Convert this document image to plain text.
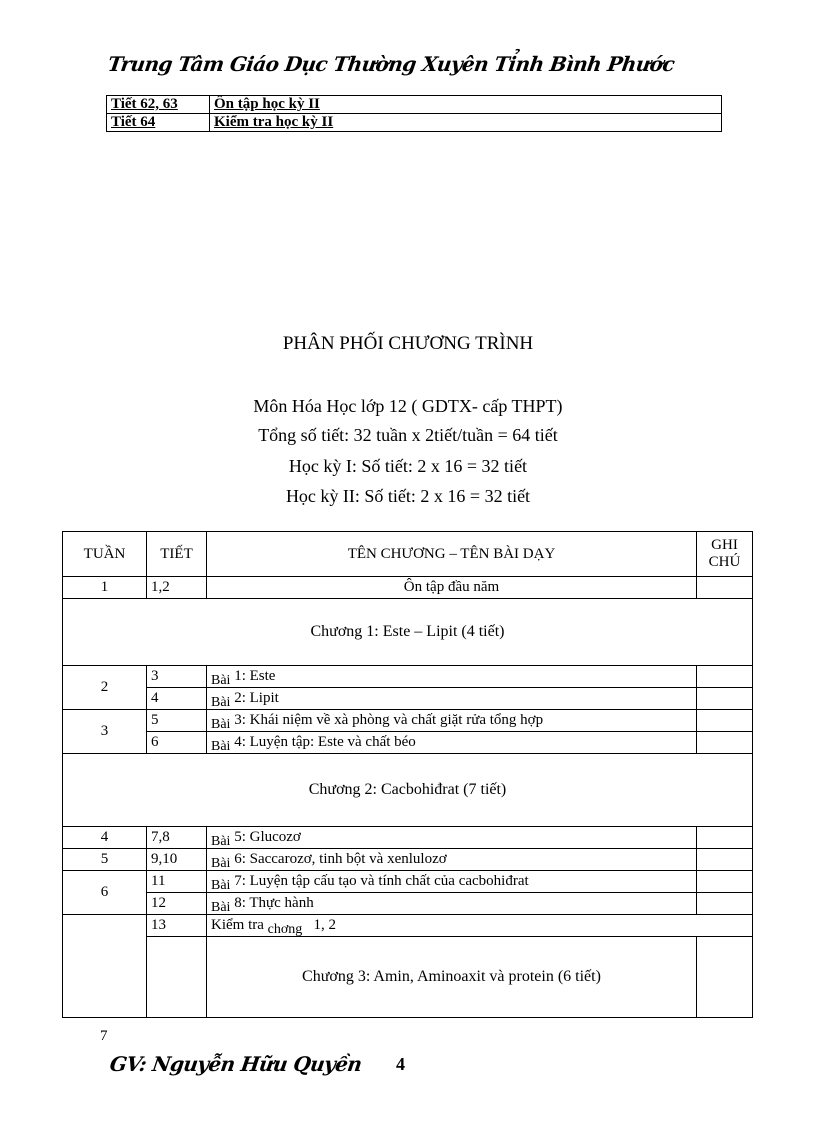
Trung Tâm Giáo Dục Thường Xuyên Tỉnh Bình Phước
Tiết 62, 63	Ôn tập học kỳ II
Tiết 64	Kiểm tra học kỳ II
PHÂN PHỐI CHƯƠNG TRÌNH
Môn Hóa Học lớp 12 ( GDTX- cấp THPT)
Tổng số tiết: 32 tuần x 2tiết/tuần = 64 tiết
Học kỳ I: Số tiết: 2 x 16 = 32 tiết
Học kỳ II: Số tiết: 2 x 16 = 32 tiết
TUẦN	TIẾT	TÊN CHƯƠNG – TÊN BÀI DẠY	GHI CHÚ
1	1,2	Ôn tập đầu năm	
Chương 1: Este – Lipit (4 tiết)			
2	3	Bài 1: Este	
	4	Bài 2: Lipit	
3	5	Bài 3: Khái niệm về xà phòng và chất giặt rửa tổng hợp	
	6	Bài 4: Luyện tập: Este và chất béo	
Chương 2: Cacbohiđrat (7 tiết)			
4	7,8	Bài 5: Glucozơ	
5	9,10	Bài 6: Saccarozơ, tinh bột và xenlulozơ	
6	11	Bài 7: Luyện tập cấu tạo và tính chất của cacbohiđrat	
	12	Bài 8: Thực hành	
	13	Kiểm tra chơng 1, 2	
		Chương 3: Amin, Aminoaxit và protein (6 tiết)	
7
GV: Nguyễn Hữu Quyền 4
